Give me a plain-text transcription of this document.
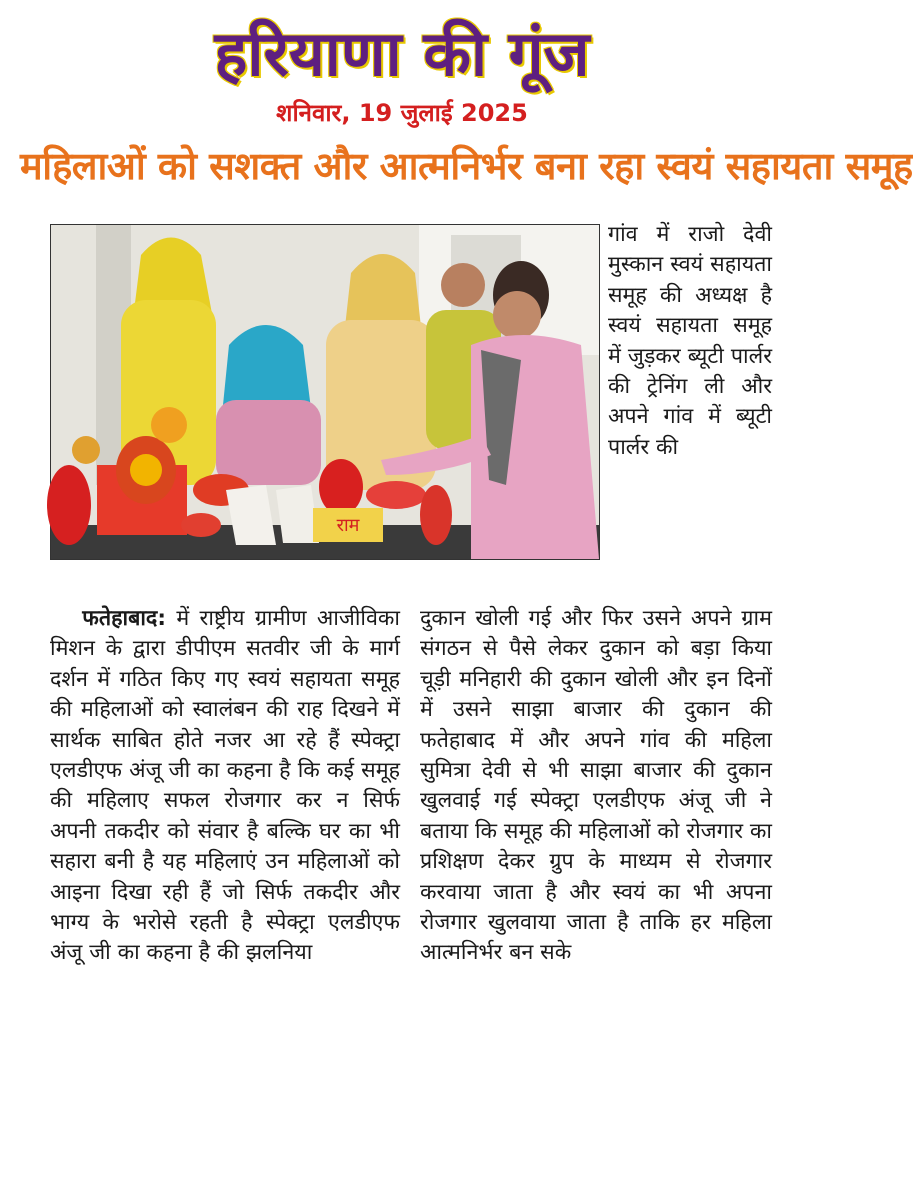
हरियाणा की गूंज
शनिवार, 19 जुलाई 2025
महिलाओं को सशक्त और आत्मनिर्भर बना रहा स्वयं सहायता समूह
राम

गांव में राजो देवी मुस्कान स्वयं सहायता समूह की अध्यक्ष है स्वयं सहायता समूह में जुड़कर ब्यूटी पार्लर की ट्रेनिंग ली और अपने गांव में ब्यूटी पार्लर की

  फतेहाबाद: में राष्ट्रीय ग्रामीण आजीविका मिशन के द्वारा डीपीएम सतवीर जी के मार्ग दर्शन में गठित किए गए स्वयं सहायता समूह की महिलाओं को स्वालंबन की राह दिखने में सार्थक साबित होते नजर आ रहे हैं स्पेक्ट्रा एलडीएफ अंजू जी का कहना है कि कई समूह की महिलाए सफल रोजगार कर न सिर्फ अपनी तकदीर को संवार है बल्कि घर का भी सहारा बनी है यह महिलाएं उन महिलाओं को आइना दिखा रही हैं जो सिर्फ तकदीर और भाग्य के भरोसे रहती है स्पेक्ट्रा एलडीएफ अंजू जी का कहना है की झलनिया

दुकान खोली गई और फिर उसने अपने ग्राम संगठन से पैसे लेकर दुकान को बड़ा किया चूड़ी मनिहारी की दुकान खोली और इन दिनों में उसने साझा बाजार की दुकान की फतेहाबाद में और अपने गांव की महिला सुमित्रा देवी से भी साझा बाजार की दुकान खुलवाई गई स्पेक्ट्रा एलडीएफ अंजू जी ने बताया कि समूह की महिलाओं को रोजगार का प्रशिक्षण देकर ग्रुप के माध्यम से रोजगार करवाया जाता है और स्वयं का भी अपना रोजगार खुलवाया जाता है ताकि हर महिला आत्मनिर्भर बन सके
